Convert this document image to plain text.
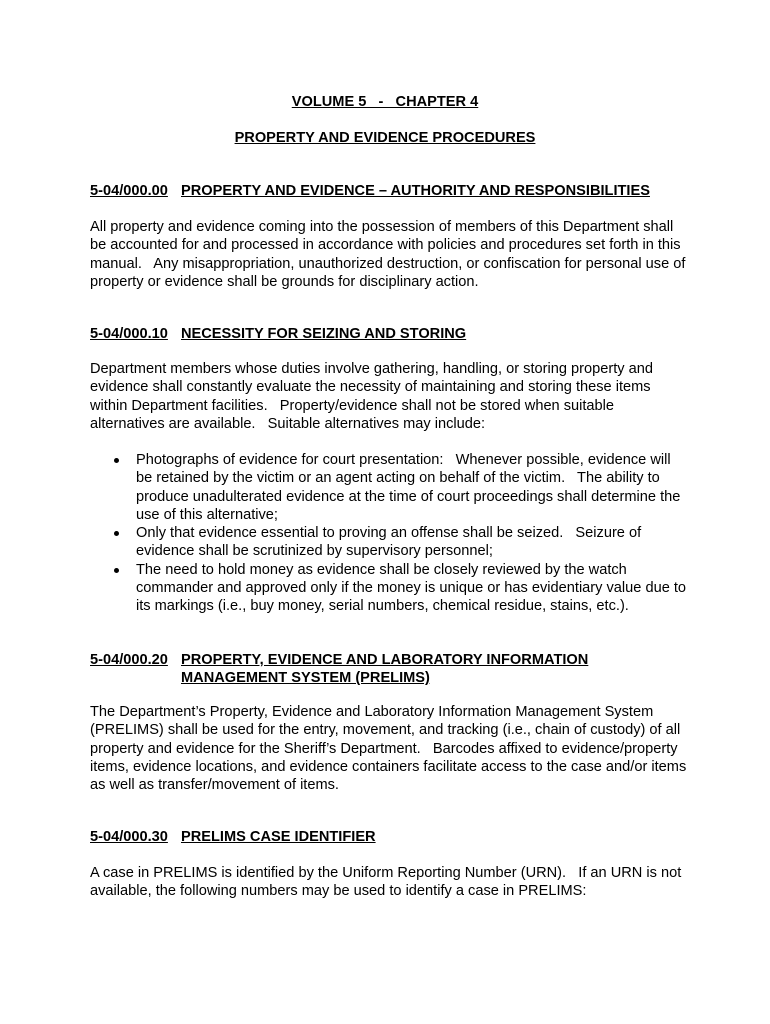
VOLUME 5   -   CHAPTER 4
PROPERTY AND EVIDENCE PROCEDURES
5-04/000.00 PROPERTY AND EVIDENCE – AUTHORITY AND RESPONSIBILITIES

All property and evidence coming into the possession of members of this Department shall be accounted for and processed in accordance with policies and procedures set forth in this manual.   Any misappropriation, unauthorized destruction, or confiscation for personal use of property or evidence shall be grounds for disciplinary action.

5-04/000.10 NECESSITY FOR SEIZING AND STORING

Department members whose duties involve gathering, handling, or storing property and evidence shall constantly evaluate the necessity of maintaining and storing these items within Department facilities.   Property/evidence shall not be stored when suitable alternatives are available.   Suitable alternatives may include:

Photographs of evidence for court presentation:   Whenever possible, evidence will be retained by the victim or an agent acting on behalf of the victim.   The ability to produce unadulterated evidence at the time of court proceedings shall determine the use of this alternative;
Only that evidence essential to proving an offense shall be seized.   Seizure of evidence shall be scrutinized by supervisory personnel;
The need to hold money as evidence shall be closely reviewed by the watch commander and approved only if the money is unique or has evidentiary value due to its markings (i.e., buy money, serial numbers, chemical residue, stains, etc.).
5-04/000.20 PROPERTY, EVIDENCE AND LABORATORY INFORMATION MANAGEMENT SYSTEM (PRELIMS)

The Department’s Property, Evidence and Laboratory Information Management System (PRELIMS) shall be used for the entry, movement, and tracking (i.e., chain of custody) of all property and evidence for the Sheriff’s Department.   Barcodes affixed to evidence/property items, evidence locations, and evidence containers facilitate access to the case and/or items as well as transfer/movement of items.

5-04/000.30 PRELIMS CASE IDENTIFIER

A case in PRELIMS is identified by the Uniform Reporting Number (URN).   If an URN is not available, the following numbers may be used to identify a case in PRELIMS:
